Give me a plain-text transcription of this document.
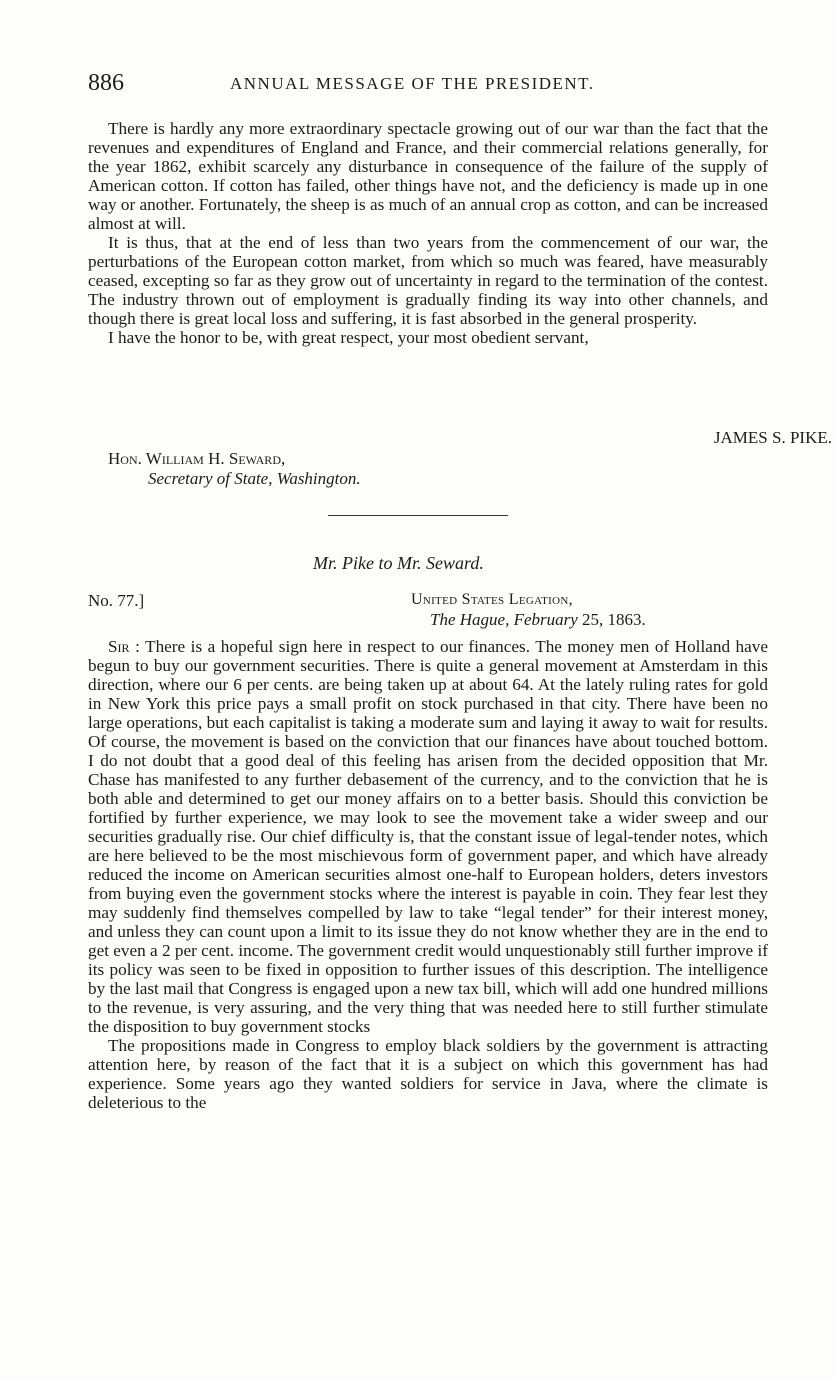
886	ANNUAL MESSAGE OF THE PRESIDENT.

There is hardly any more extraordinary spectacle growing out of our war than the fact that the revenues and expenditures of England and France, and their commercial relations generally, for the year 1862, exhibit scarcely any disturbance in consequence of the failure of the supply of American cotton. If cotton has failed, other things have not, and the deficiency is made up in one way or another. Fortunately, the sheep is as much of an annual crop as cotton, and can be increased almost at will.

It is thus, that at the end of less than two years from the commencement of our war, the perturbations of the European cotton market, from which so much was feared, have measurably ceased, excepting so far as they grow out of uncertainty in regard to the termination of the contest. The industry thrown out of employment is gradually finding its way into other channels, and though there is great local loss and suffering, it is fast absorbed in the general prosperity.

I have the honor to be, with great respect, your most obedient servant,

JAMES S. PIKE.
Hon. William H. Seward,
Secretary of State, Washington.
Mr. Pike to Mr. Seward.
No. 77.]	United States Legation,
The Hague, February 25, 1863.

Sir : There is a hopeful sign here in respect to our finances. The money men of Holland have begun to buy our government securities. There is quite a general movement at Amsterdam in this direction, where our 6 per cents. are being taken up at about 64. At the lately ruling rates for gold in New York this price pays a small profit on stock purchased in that city. There have been no large operations, but each capitalist is taking a moderate sum and laying it away to wait for results. Of course, the movement is based on the conviction that our finances have about touched bottom. I do not doubt that a good deal of this feeling has arisen from the decided opposition that Mr. Chase has manifested to any further debasement of the currency, and to the conviction that he is both able and determined to get our money affairs on to a better basis. Should this conviction be fortified by further experience, we may look to see the movement take a wider sweep and our securities gradually rise. Our chief difficulty is, that the constant issue of legal-tender notes, which are here believed to be the most mischievous form of government paper, and which have already reduced the income on American securities almost one-half to European holders, deters investors from buying even the government stocks where the interest is payable in coin. They fear lest they may suddenly find themselves compelled by law to take “legal tender” for their interest money, and unless they can count upon a limit to its issue they do not know whether they are in the end to get even a 2 per cent. income. The government credit would unquestionably still further improve if its policy was seen to be fixed in opposition to further issues of this description. The intelligence by the last mail that Congress is engaged upon a new tax bill, which will add one hundred millions to the revenue, is very assuring, and the very thing that was needed here to still further stimulate the disposition to buy government stocks

The propositions made in Congress to employ black soldiers by the government is attracting attention here, by reason of the fact that it is a subject on which this government has had experience. Some years ago they wanted soldiers for service in Java, where the climate is deleterious to the
